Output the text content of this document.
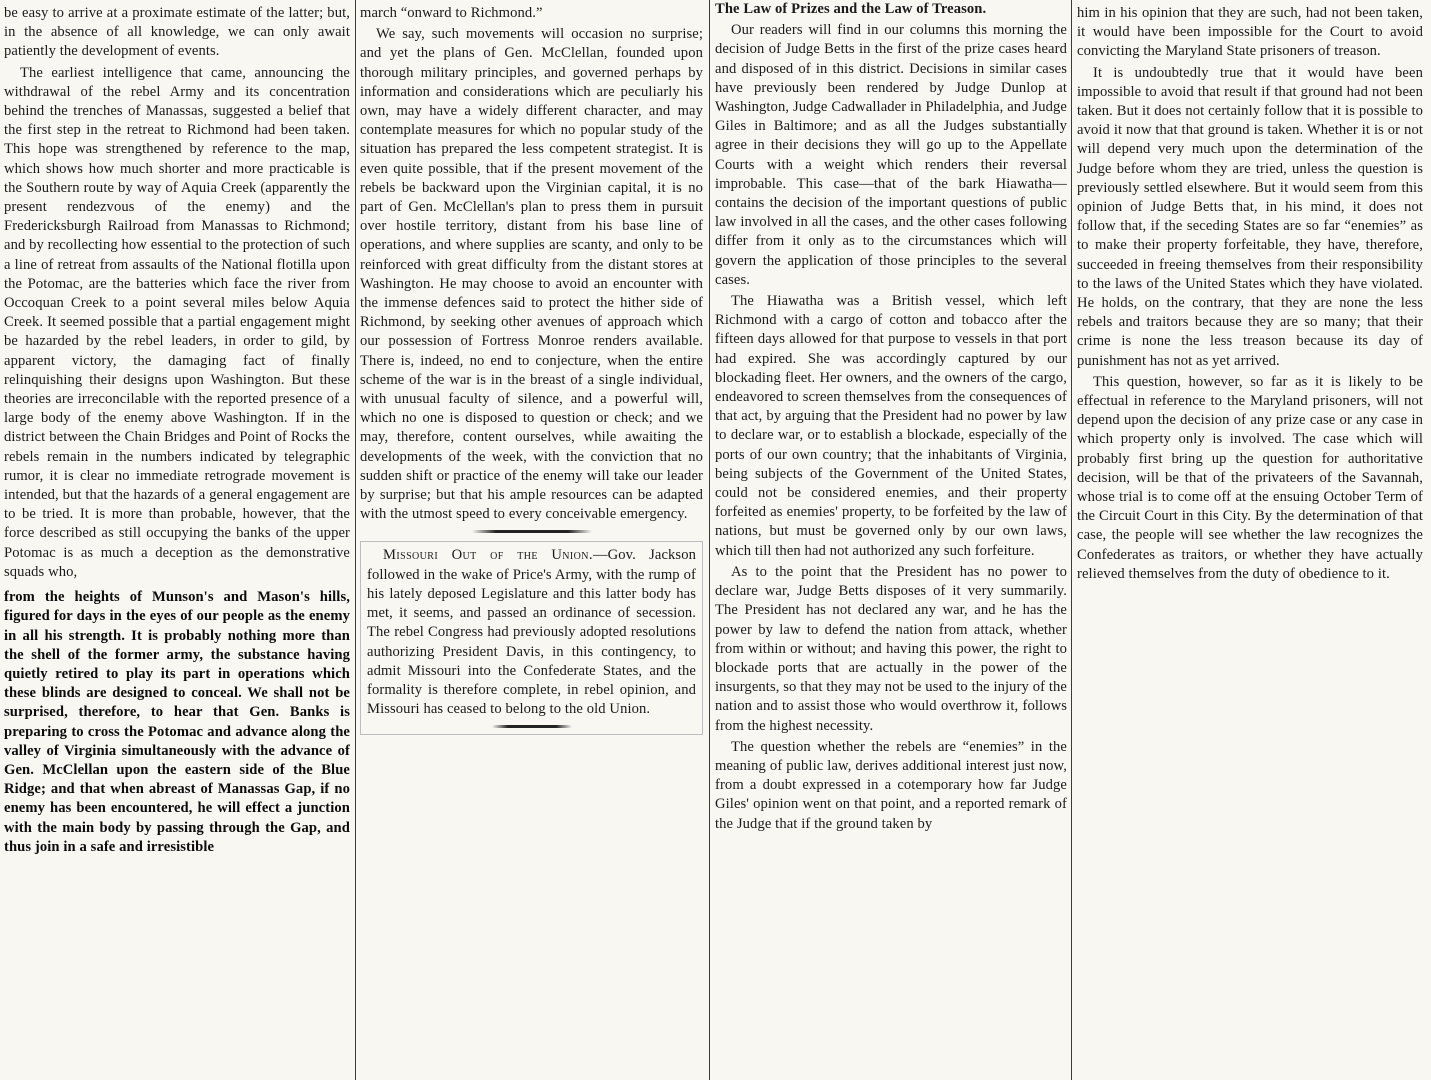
be easy to arrive at a proximate estimate of the latter; but, in the absence of all knowledge, we can only await patiently the development of events.

The earliest intelligence that came, announcing the withdrawal of the rebel Army and its concentration behind the trenches of Manassas, suggested a belief that the first step in the retreat to Richmond had been taken. This hope was strengthened by reference to the map, which shows how much shorter and more practicable is the Southern route by way of Aquia Creek (apparently the present rendezvous of the enemy) and the Fredericksburgh Railroad from Manassas to Richmond; and by recollecting how essential to the protection of such a line of retreat from assaults of the National flotilla upon the Potomac, are the batteries which face the river from Occoquan Creek to a point several miles below Aquia Creek. It seemed possible that a partial engagement might be hazarded by the rebel leaders, in order to gild, by apparent victory, the damaging fact of finally relinquishing their designs upon Washington. But these theories are irreconcilable with the reported presence of a large body of the enemy above Washington. If in the district between the Chain Bridges and Point of Rocks the rebels remain in the numbers indicated by telegraphic rumor, it is clear no immediate retrograde movement is intended, but that the hazards of a general engagement are to be tried. It is more than probable, however, that the force described as still occupying the banks of the upper Potomac is as much a deception as the demonstrative squads who,

from the heights of Munson's and Mason's hills, figured for days in the eyes of our people as the enemy in all his strength. It is probably nothing more than the shell of the former army, the substance having quietly retired to play its part in operations which these blinds are designed to conceal. We shall not be surprised, therefore, to hear that Gen. Banks is preparing to cross the Potomac and advance along the valley of Virginia simultaneously with the advance of Gen. McClellan upon the eastern side of the Blue Ridge; and that when abreast of Manassas Gap, if no enemy has been encountered, he will effect a junction with the main body by passing through the Gap, and thus join in a safe and irresistible

march “onward to Richmond.”

We say, such movements will occasion no surprise; and yet the plans of Gen. McClellan, founded upon thorough military principles, and governed perhaps by information and considerations which are peculiarly his own, may have a widely different character, and may contemplate measures for which no popular study of the situation has prepared the less competent strategist. It is even quite possible, that if the present movement of the rebels be backward upon the Virginian capital, it is no part of Gen. McClellan's plan to press them in pursuit over hostile territory, distant from his base line of operations, and where supplies are scanty, and only to be reinforced with great difficulty from the distant stores at Washington. He may choose to avoid an encounter with the immense defences said to protect the hither side of Richmond, by seeking other avenues of approach which our possession of Fortress Monroe renders available. There is, indeed, no end to conjecture, when the entire scheme of the war is in the breast of a single individual, with unusual faculty of silence, and a powerful will, which no one is disposed to question or check; and we may, therefore, content ourselves, while awaiting the developments of the week, with the conviction that no sudden shift or practice of the enemy will take our leader by surprise; but that his ample resources can be adapted with the utmost speed to every conceivable emergency.

Missouri Out of the Union.—Gov. Jackson followed in the wake of Price's Army, with the rump of his lately deposed Legislature and this latter body has met, it seems, and passed an ordinance of secession. The rebel Congress had previously adopted resolutions authorizing President Davis, in this contingency, to admit Missouri into the Confederate States, and the formality is therefore complete, in rebel opinion, and Missouri has ceased to belong to the old Union.

The Law of Prizes and the Law of Treason.

Our readers will find in our columns this morning the decision of Judge Betts in the first of the prize cases heard and disposed of in this district. Decisions in similar cases have previously been rendered by Judge Dunlop at Washington, Judge Cadwallader in Philadelphia, and Judge Giles in Baltimore; and as all the Judges substantially agree in their decisions they will go up to the Appellate Courts with a weight which renders their reversal improbable. This case—that of the bark Hiawatha—contains the decision of the important questions of public law involved in all the cases, and the other cases following differ from it only as to the circumstances which will govern the application of those principles to the several cases.

The Hiawatha was a British vessel, which left Richmond with a cargo of cotton and tobacco after the fifteen days allowed for that purpose to vessels in that port had expired. She was accordingly captured by our blockading fleet. Her owners, and the owners of the cargo, endeavored to screen themselves from the consequences of that act, by arguing that the President had no power by law to declare war, or to establish a blockade, especially of the ports of our own country; that the inhabitants of Virginia, being subjects of the Government of the United States, could not be considered enemies, and their property forfeited as enemies' property, to be forfeited by the law of nations, but must be governed only by our own laws, which till then had not authorized any such forfeiture.

As to the point that the President has no power to declare war, Judge Betts disposes of it very summarily. The President has not declared any war, and he has the power by law to defend the nation from attack, whether from within or without; and having this power, the right to blockade ports that are actually in the power of the insurgents, so that they may not be used to the injury of the nation and to assist those who would overthrow it, follows from the highest necessity.

The question whether the rebels are “enemies” in the meaning of public law, derives additional interest just now, from a doubt expressed in a cotemporary how far Judge Giles' opinion went on that point, and a reported remark of the Judge that if the ground taken by

him in his opinion that they are such, had not been taken, it would have been impossible for the Court to avoid convicting the Maryland State prisoners of treason.

It is undoubtedly true that it would have been impossible to avoid that result if that ground had not been taken. But it does not certainly follow that it is possible to avoid it now that that ground is taken. Whether it is or not will depend very much upon the determination of the Judge before whom they are tried, unless the question is previously settled elsewhere. But it would seem from this opinion of Judge Betts that, in his mind, it does not follow that, if the seceding States are so far “enemies” as to make their property forfeitable, they have, therefore, succeeded in freeing themselves from their responsibility to the laws of the United States which they have violated. He holds, on the contrary, that they are none the less rebels and traitors because they are so many; that their crime is none the less treason because its day of punishment has not as yet arrived.

This question, however, so far as it is likely to be effectual in reference to the Maryland prisoners, will not depend upon the decision of any prize case or any case in which property only is involved. The case which will probably first bring up the question for authoritative decision, will be that of the privateers of the Savannah, whose trial is to come off at the ensuing October Term of the Circuit Court in this City. By the determination of that case, the people will see whether the law recognizes the Confederates as traitors, or whether they have actually relieved themselves from the duty of obedience to it.
